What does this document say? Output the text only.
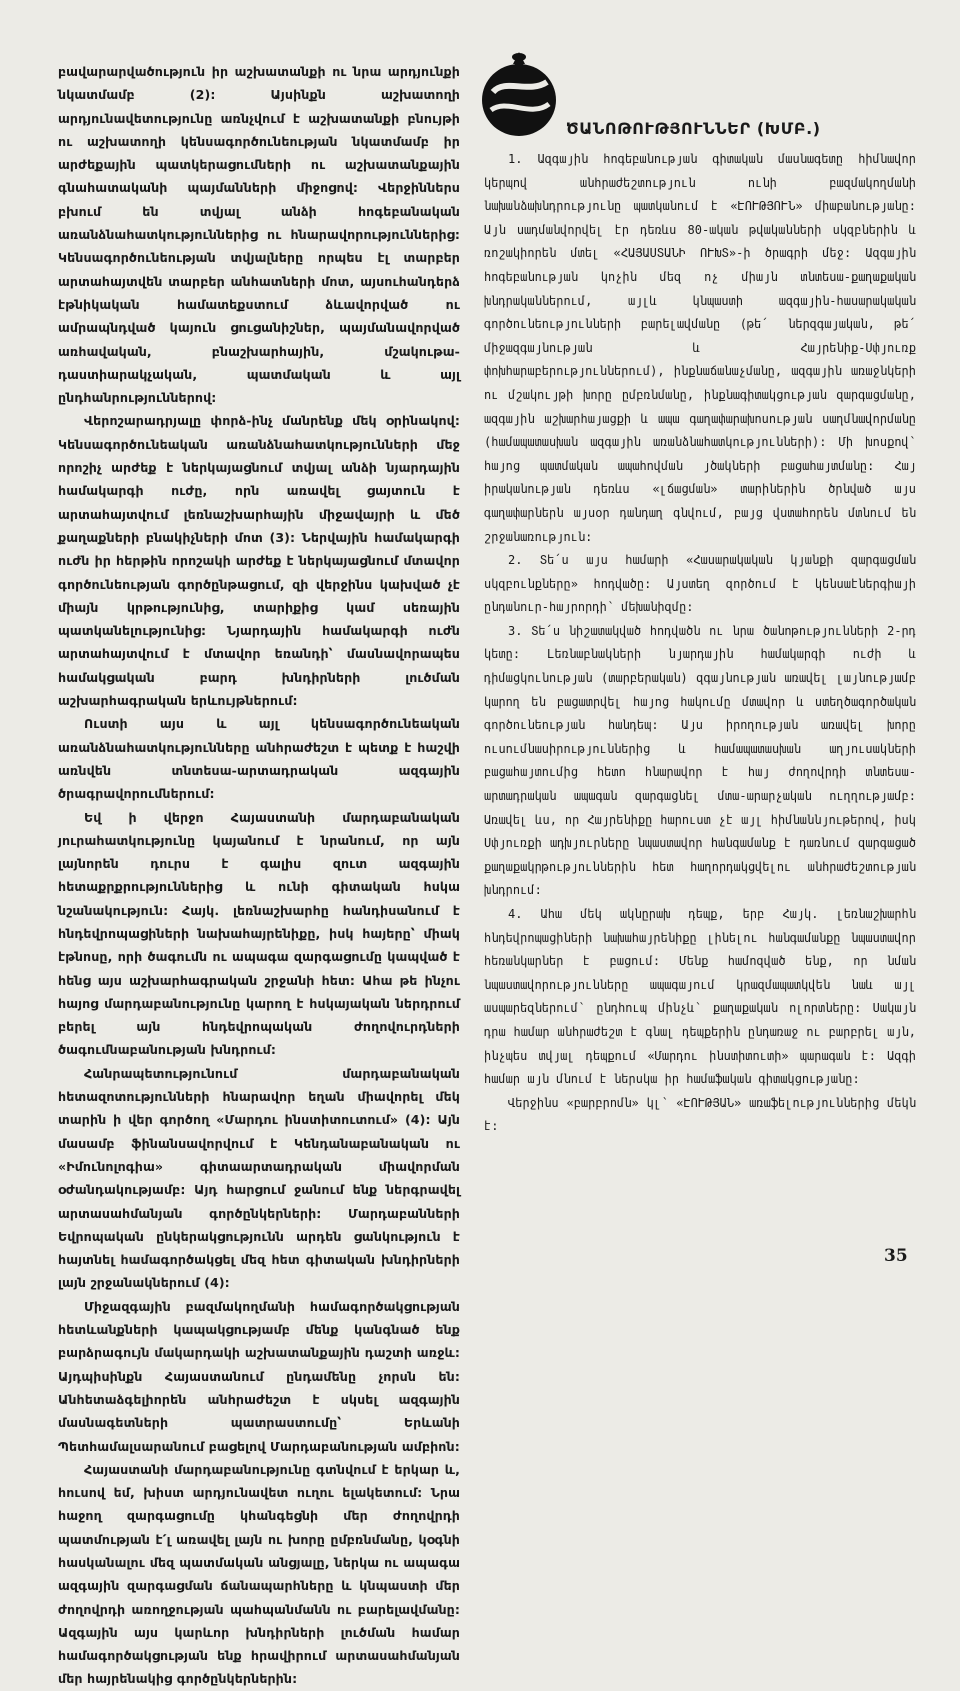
բավարարվածություն իր աշխատանքի ու նրա արդյունքի նկատմամբ (2): Այսինքն աշխատողի արդյունավետությունը առնչվում է աշխատանքի բնույթի ու աշխատողի կենսագործունեության նկատմամբ իր արժեքային պատկերացումների ու աշխատանքային գնահատականի պայմանների միջոցով: Վերջիններս բխում են տվյալ անձի հոգեբանական առանձնահատկություններից ու հնարավորություններից: Կենսագործունեության տվյալները որպես էլ տարբեր արտահայտվեն տարբեր անհատների մոտ, այսուհանդերձ էթնիկական համատեքստում ձևավորված ու ամրապնդված կայուն ցուցանիշներ, պայմանավորված առհավական, բնաշխարհային, մշակութա-դաստիարակչական, պատմական և այլ ընդհանրություններով:

Վերոշարադրյալը փորձ-ինչ մանրենք մեկ օրինակով: Կենսագործունեական առանձնահատկությունների մեջ որոշիչ արժեք է ներկայացնում տվյալ անձի նյարդային համակարգի ուժը, որն առավել ցայտուն է արտահայտվում լեռնաշխարհային միջավայրի և մեծ քաղաքների բնակիչների մոտ (3): Ներվային համակարգի ուժն իր հերթին որոշակի արժեք է ներկայացնում մտավոր գործունեության գործընթացում, զի վերջինս կախված չէ միայն կրթությունից, տարիքից կամ սեռային պատկանելությունից: Նյարդային համակարգի ուժն արտահայտվում է մտավոր եռանդի՝ մասնավորապես համակցական բարդ խնդիրների լուծման աշխարհագրական երևույթներում:

Ուստի այս և այլ կենսագործունեական առանձնահատկությունները անհրաժեշտ է պետք է հաշվի առնվեն տնտեսա-արտադրական ազգային ծրագրավորումներում:

Եվ ի վերջո Հայաստանի մարդաբանական յուրահատկությունը կայանում է նրանում, որ այն լայնորեն դուրս է գալիս զուտ ազգային հետաքրքրություններից և ունի գիտական հսկա նշանակություն: Հայկ. լեռնաշխարհը հանդիսանում է հնդեվրոպացիների նախահայրենիքը, իսկ հայերը՝ միակ էթնոսը, որի ծագումն ու ապագա զարգացումը կապված է հենց այս աշխարհագրական շրջանի հետ: Ահա թե ինչու հայոց մարդաբանությունը կարող է հսկայական ներդրում բերել այն հնդեվրոպական ժողովուրդների ծագումնաբանության խնդրում:

Հանրապետությունում մարդաբանական հետազոտությունների հնարավոր եղան միավորել մեկ տարին ի վեր գործող «Մարդու ինստիտուտում» (4): Այն մասամբ ֆինանսավորվում է Կենդանաբանական ու «Իմունոլոգիա» գիտաարտադրական միավորման օժանդակությամբ: Այդ հարցում ջանում ենք ներգրավել արտասահմանյան գործընկերների: Մարդաբանների Եվրոպական ընկերակցությունն արդեն ցանկություն է հայտնել համագործակցել մեզ հետ գիտական խնդիրների լայն շրջանակներում (4):

Միջազգային բազմակողմանի համագործակցության հետևանքների կապակցությամբ մենք կանգնած ենք բարձրագույն մակարդակի աշխատանքային դաշտի առջև: Այդպիսինքն Հայաստանում ընդամենը չորսն են: Անհետաձգելիորեն անհրաժեշտ է սկսել ազգային մասնագետների պատրաստումը՝ Երևանի Պետհամալսարանում բացելով Մարդաբանության ամբիոն:

Հայաստանի մարդաբանությունը գտնվում է երկար և, հուսով եմ, խիստ արդյունավետ ուղու ելակետում: Նրա հաջող զարգացումը կհանգեցնի մեր ժողովրդի պատմության է՛լ առավել լայն ու խորը ըմբռնմանը, կօգնի հասկանալու մեզ պատմական անցյալը, ներկա ու ապագա ազգային զարգացման ճանապարհները և կնպաստի մեր ժողովրդի առողջության պահպանմանն ու բարելավմանը: Ազգային այս կարևոր խնդիրների լուծման համար համագործակցության ենք հրավիրում արտասահմանյան մեր հայրենակից գործընկերներին:

ԾԱՆՈԹՈՒԹՅՈՒՆՆԵՐ (ԽՄԲ.)

1. Ազգային հոգեբանության գիտական մասնագետը հիմնավոր կերպով անհրաժեշտություն ունի բազմակողմանի նախանձախնդրությունը պատկանում է «ԷՈՒԹՅՈՒՆ» միաբանությանը: Այն սադմանվորվել էր դեռևս 80-ական թվականների սկզբներին և ռոշակիորեն մտել «ՀԱՅԱՍՏԱՆԻ ՈՒԽՏ»-ի ծրագրի մեջ: Ազգային հոգեբանության կոչին մեզ ոչ միայն տնտեսա-քաղաքական խնդրականներում, այլև կնպաստի ազգային-հասարակական գործունեությունների բարելավմանը (թե՛ ներզգայական, թե՛ միջազգայնության և Հայրենիք-Սփյուռք փոխհարաբերություններում), ինքնաճանաչմանը, ազգային առաջնկերի ու մշակույթի խորը ըմբռնմանը, ինքնագիտակցության զարգացմանը, ազգային աշխարհայացքի և ապա գաղափարախոսության սաղմնավորմանը (համապատասխան ազգային առանձնահատկությունների): Մի խոսքով՝ հայոց պատմական ապահովման յծակների բացահայտմանը: Հայ իրականության դեռևս «լճացման» տարիներին ծրնված այս գաղափարներն այսօր դանդաղ գնվում, բայց վստահորեն մտնում են շրջանառություն:

2. Տե՛ս այս համարի «Հասարակական կյանքի զարգացման սկզբունքները» հոդվածը: Այստեղ զործում է կենսաէներգիայի ընդանուր-հայրորդի՝ մեխանիզմը:

3. Տե՛ս նիշատակված հոդվածն ու նրա ծանոթությունների 2-րդ կետը: Լեռնաբնակների նյարդային համակարգի ուժի և դիմացկունության (տարբերական) զգայնության առավել լայնությամբ կարող են բացատրվել հայոց հակումը մտավոր և ստեղծագործական գործունեության հանդեպ: Այս իրողության առավել խորը ուսումնասիրություններից և համապատասխան աղյուսակների բացահայտումից հետո հնարավոր է հայ ժողովրդի տնտեսա-արտադրական ապագան զարգացնել մտա-արարչական ուղղությամբ: Առավել ևս, որ Հայրենիքը հարուստ չէ այլ հիմնաննյութերով, իսկ Սփյուռքի ադխյուրները նպաստավոր հանգամանք է դառնում զարգացած քաղաքակրթություններին հետ հաղորդակցվելու անհրաժեշտության խնդրում:

4. Ահա մեկ ակնըրախ դեպք, երբ Հայկ. լեռնաշխարհն հնդեվրոպացիների նախահայրենիքը լինելու հանգամանքը նպաստավոր հեռանկարներ է բացում: Մենք համոզված ենք, որ նման նպաստավորությունները ապագայում կրազմապատկվեն նաև այլ ասպարեզներում՝ ընդհուպ մինչև՝ քաղաքական ոլորտները: Սակայն դրա համար անհրաժեշտ է գնալ դեպքերին ընդառաջ ու բարբրել այն, ինչպես տվյալ դեպքում «Մարդու ինստիտուտի» պարագան է: Ազգի համար այն մնում է ներսկա իր համաֆական գիտակցությանը:

Վերջինս «բարբրոմն» կլ՝ «ԷՈՒԹՅԱՆ» առաֆելություններից մեկն է:

35
